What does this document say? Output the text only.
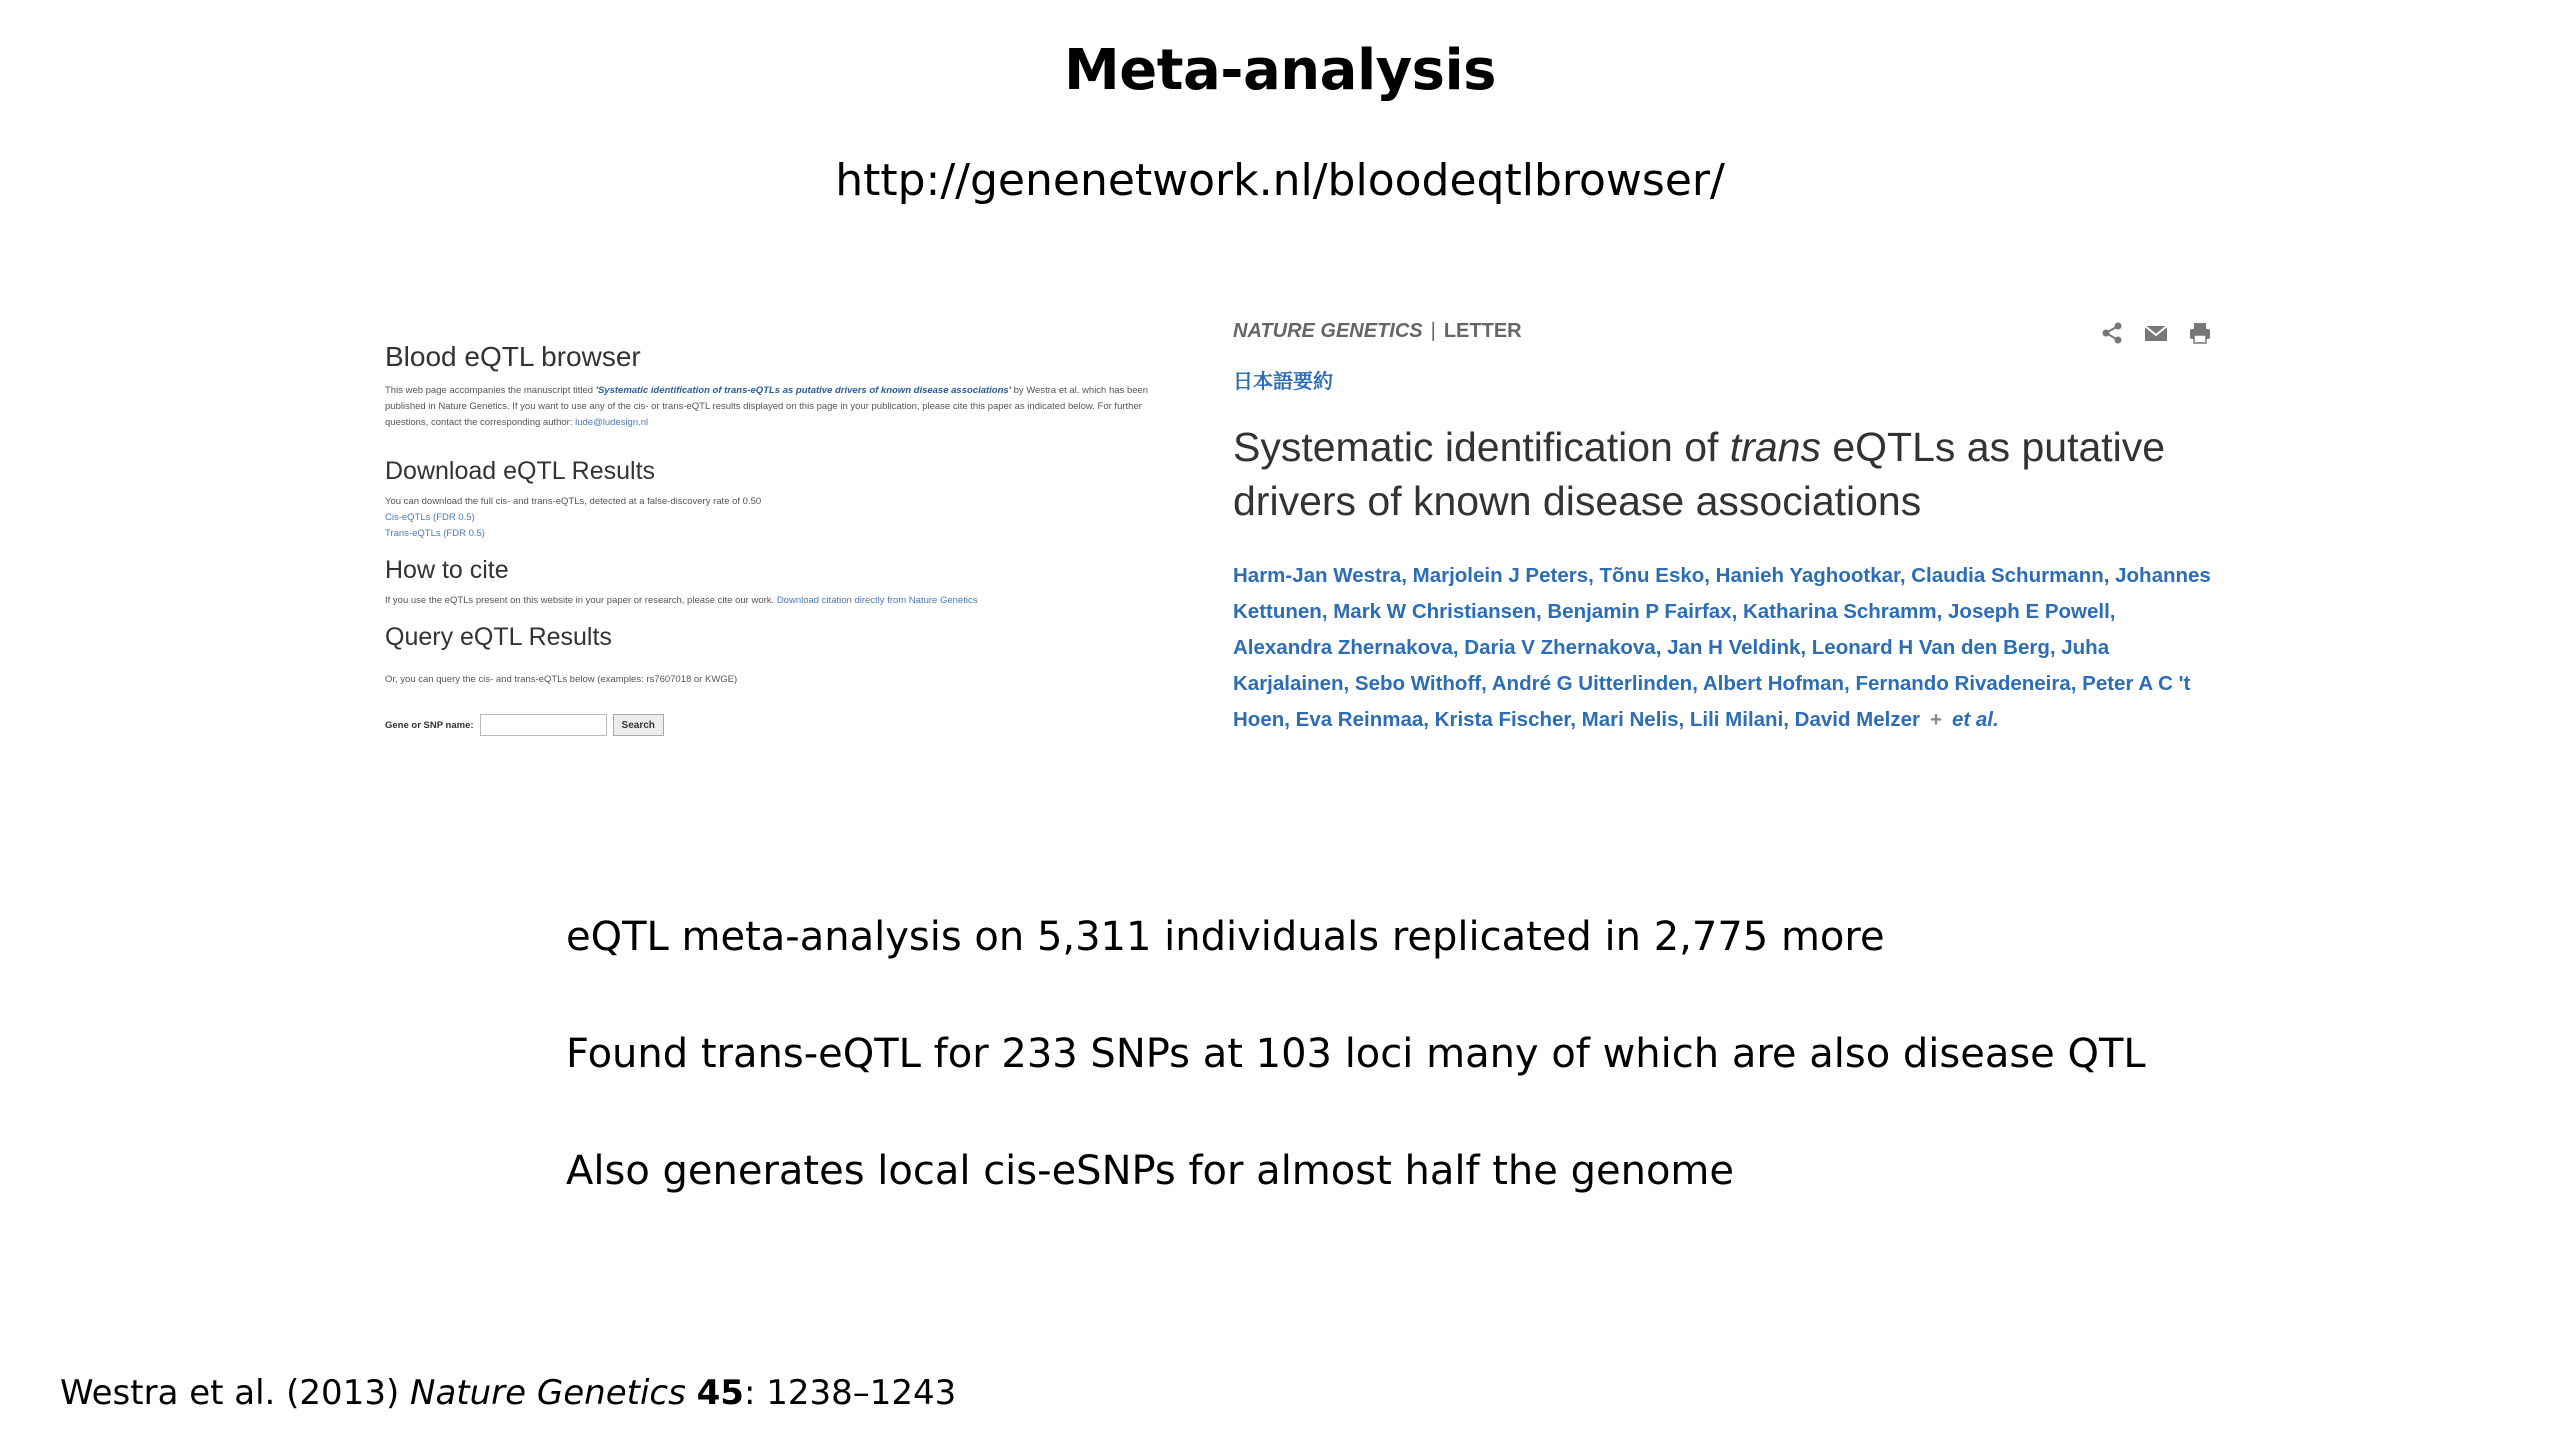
Meta-analysis
http://genenetwork.nl/bloodeqtlbrowser/
Blood eQTL browser

This web page accompanies the manuscript titled 'Systematic identification of trans-eQTLs as putative drivers of known disease associations' by Westra et al. which has been published in Nature Genetics. If you want to use any of the cis- or trans-eQTL results displayed on this page in your publication, please cite this paper as indicated below. For further questions, contact the corresponding author: lude@ludesign.nl

Download eQTL Results

You can download the full cis- and trans-eQTLs, detected at a false-discovery rate of 0.50

Cis-eQTLs (FDR 0.5)

Trans-eQTLs (FDR 0.5)

How to cite

If you use the eQTLs present on this website in your paper or research, please cite our work. Download citation directly from Nature Genetics

Query eQTL Results

Or, you can query the cis- and trans-eQTLs below (examples: rs7607018 or KWGE)

Gene or SNP name:	Search
NATURE GENETICS | LETTER
日本語要約
Systematic identification of trans eQTLs as putative drivers of known disease associations
Harm-Jan Westra, Marjolein J Peters, Tõnu Esko, Hanieh Yaghootkar, Claudia Schurmann, Johannes Kettunen, Mark W Christiansen, Benjamin P Fairfax, Katharina Schramm, Joseph E Powell, Alexandra Zhernakova, Daria V Zhernakova, Jan H Veldink, Leonard H Van den Berg, Juha Karjalainen, Sebo Withoff, André G Uitterlinden, Albert Hofman, Fernando Rivadeneira, Peter A C 't Hoen, Eva Reinmaa, Krista Fischer, Mari Nelis, Lili Milani, David Melzer + et al.
eQTL meta-analysis on 5,311 individuals replicated in 2,775 more
Found trans-eQTL for 233 SNPs at 103 loci many of which are also disease QTL
Also generates local cis-eSNPs for almost half the genome
Westra et al. (2013) Nature Genetics 45: 1238–1243
